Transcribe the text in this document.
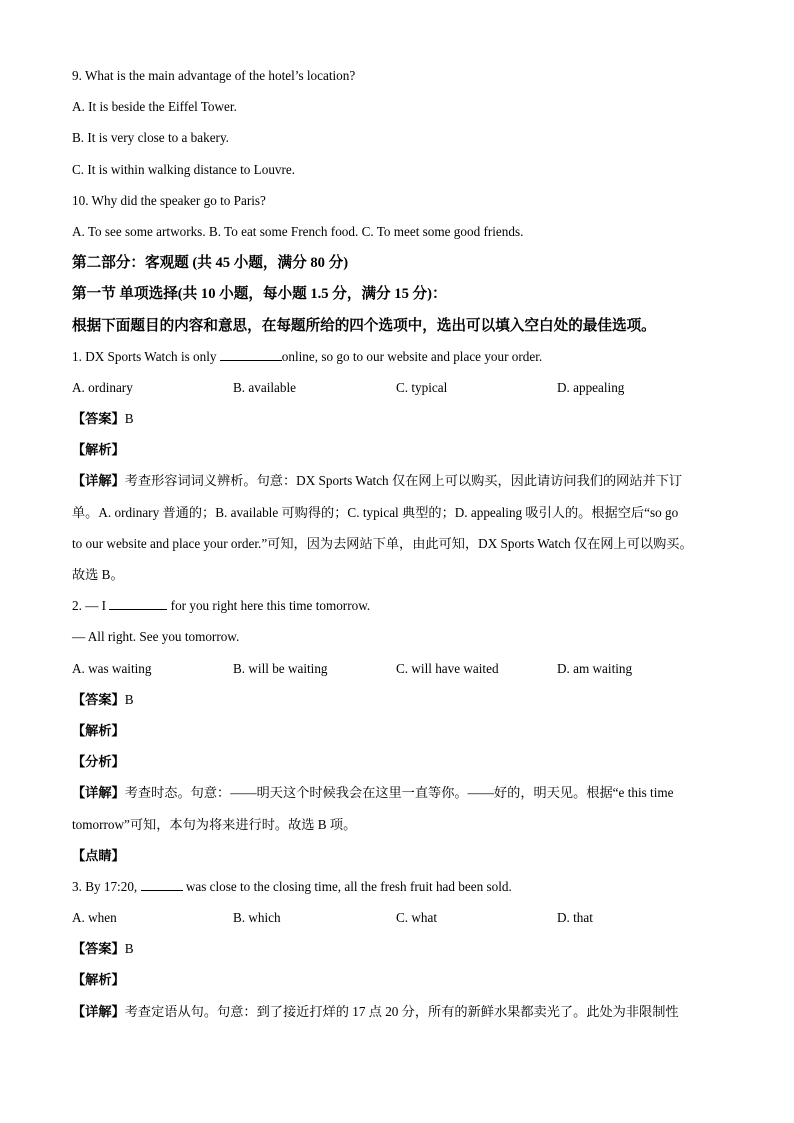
9. What is the main advantage of the hotel’s location?
A. It is beside the Eiffel Tower.
B. It is very close to a bakery.
C. It is within walking distance to Louvre.
10. Why did the speaker go to Paris?
A. To see some artworks. B. To eat some French food. C. To meet some good friends.
第二部分：客观题 (共 45 小题，满分 80 分)
第一节 单项选择(共 10 小题，每小题 1.5 分，满分 15 分)：
根据下面题目的内容和意思，在每题所给的四个选项中，选出可以填入空白处的最佳选项。
1. DX Sports Watch is only	online, so go to our website and place your order.
A. ordinary	B. available	C. typical	D. appealing
【答案】B
【解析】
【详解】考查形容词词义辨析。句意：DX Sports Watch 仅在网上可以购买，因此请访问我们的网站并下订
单。A. ordinary 普通的；B. available 可购得的；C. typical 典型的；D. appealing 吸引人的。根据空后“so go
to our website and place your order.”可知，因为去网站下单，由此可知，DX Sports Watch 仅在网上可以购买。
故选 B。
2. — I	for you right here this time tomorrow.
— All right. See you tomorrow.
A. was waiting	B. will be waiting	C. will have waited	D. am waiting
【答案】B
【解析】
【分析】
【详解】考查时态。句意：——明天这个时候我会在这里一直等你。——好的，明天见。根据“e this time
tomorrow”可知，本句为将来进行时。故选 B 项。
【点睛】
3. By 17:20,	was close to the closing time, all the fresh fruit had been sold.
A. when	B. which	C. what	D. that
【答案】B
【解析】
【详解】考查定语从句。句意：到了接近打烊的 17 点 20 分，所有的新鲜水果都卖光了。此处为非限制性
